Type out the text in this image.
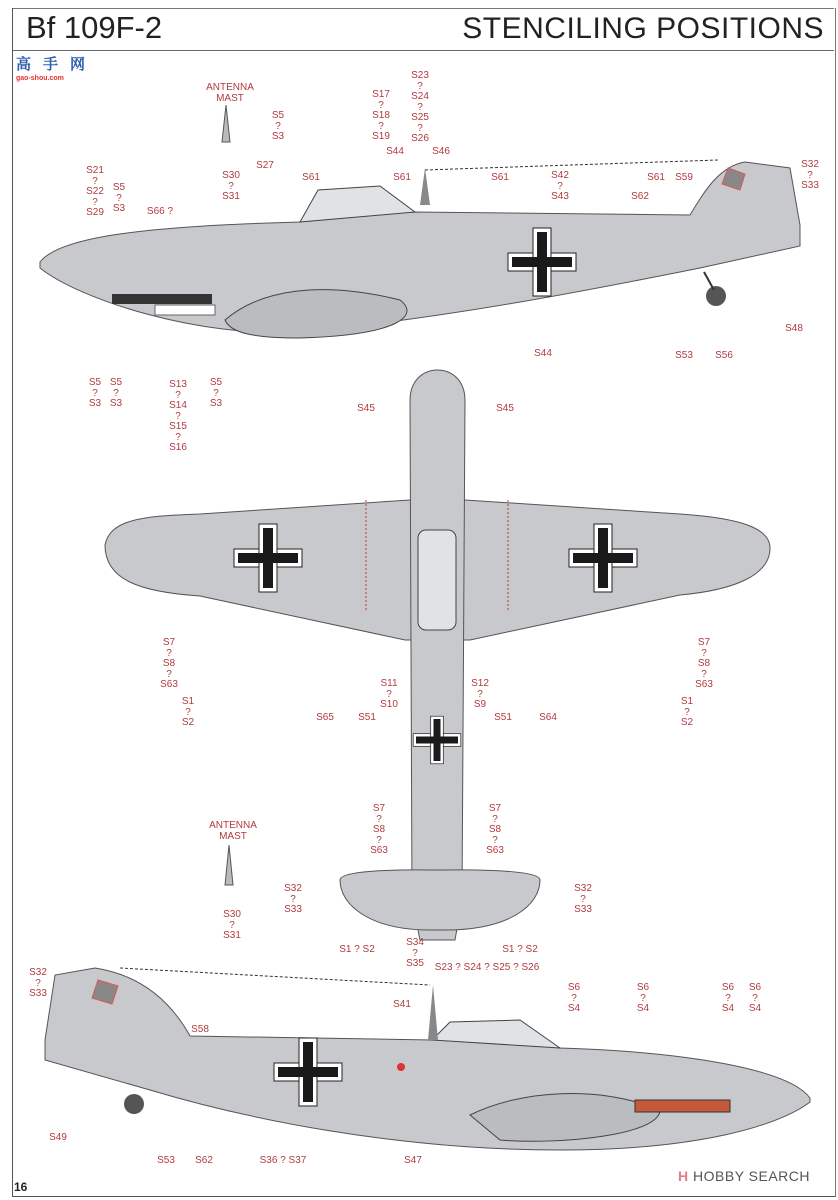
Bf 109F-2	STENCILING POSITIONS
高手网
gao-shou.com
ANTENNA
MAST
S5
?
S3
S17
?
S18
?
S19
S23
?
S24
?
S25
?
S26
S21
?
S22
?
S29
S5
?
S3 S66 ?
S30
?
S31
S27
S61
S44	S46
S61	S61	S42
?
S43
S61 S59
S62
S32
?
S33
S48
S44	S53 S56
S5
?
S3
S5
?
S3
S13
?
S14
?
S15
?
S16
S5
?
S3	S45	S45
S7
?
S8
?
S63
S1
?
S2	S65 S51
S11
?
S10
S12
?
S9
S51	S64
S7
?
S8
?
S63
S1
?
S2
S7
?
S8
?
S63
S7
?
S8
?
S63
ANTENNA
MAST
S32
?
S33
S32
?
S33
S30
?
S31
S1 ? S2	S1 ? S2
S34
?
S35 S23 ? S24 ? S25 ? S26
S32
?
S33
S58
S41
S6
?
S4
S6
?
S4
S6
?
S4
S6
?
S4
S49
S53 S62	S36 ? S37	S47
16
H HOBBY SEARCH
